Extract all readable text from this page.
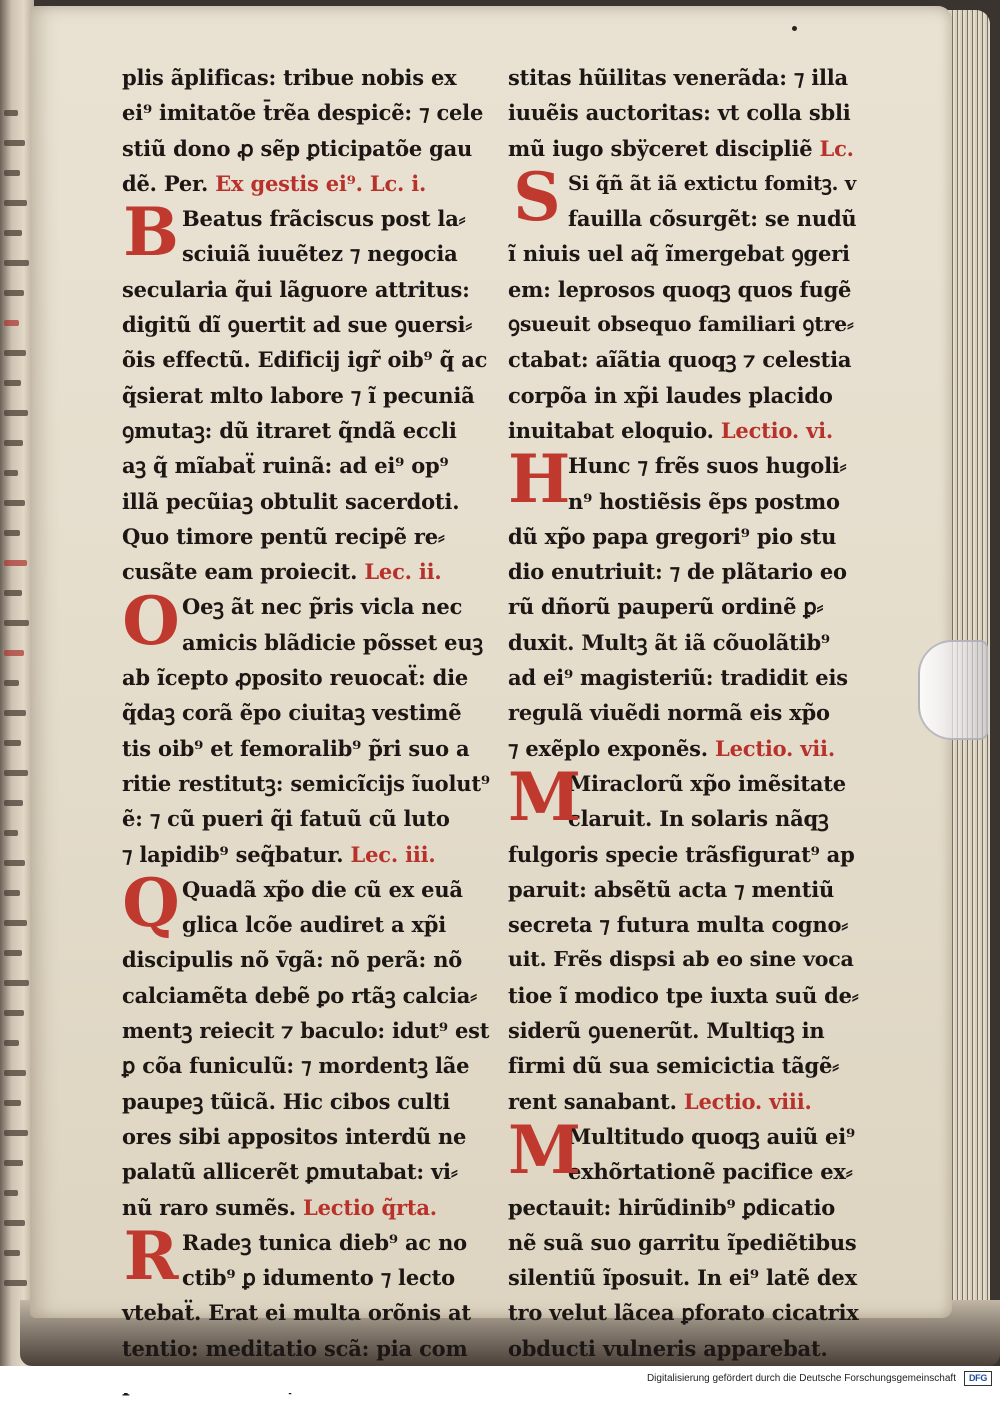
plis ãplificas: tribue nobis ex
ei⁹ imitatõe t̄rẽa despicẽ: ⁊ cele
stiũ dono ꝓ sẽp ꝑticipatõe gau
dẽ. Per. Ex gestis ei⁹. Lc. i.
B Beatus frãciscus post la⸗
sciuiã iuuẽtez ⁊ negocia
secularia q̃ui lãguore attritus:
digitũ dĩ ꝯuertit ad sue ꝯuersi⸗
õis effectũ. Edificij igr̃ oib⁹ q̃ ac
q̃sierat mlto labore ⁊ ĩ pecuniã
ꝯmutaꝫ: dũ itraret q̃ndã eccli
aꝫ q̃ mĩabaẗ ruinã: ad ei⁹ op⁹
illã pecũiaꝫ obtulit sacerdoti.
Quo timore pentũ recipẽ re⸗
cusãte eam proiecit. Lec. ii.
O Oeꝫ ãt nec p̃ris vicla nec
amicis blãdicie põsset euꝫ
ab ĩcepto ꝓposito reuocaẗ: die
q̃daꝫ corã ẽpo ciuitaꝫ vestimẽ
tis oib⁹ et femoralib⁹ p̃ri suo a
ritie restitutꝫ: semicĩcijs ĩuolut⁹
ẽ: ⁊ cũ pueri q̃i fatuũ cũ luto
⁊ lapidib⁹ seq̃batur. Lec. iii.
Q Quadã xp̃o die cũ ex euã
glica lcõe audiret a xp̃i
discipulis nõ v̄gã: nõ perã: nõ
calciamẽta debẽ ꝑo rtãꝫ calcia⸗
mentꝫ reiecit ⁊ baculo: idut⁹ est
ꝑ cõa funiculũ: ⁊ mordentꝫ lãe
paupeꝫ tũicã. Hic cibos culti
ores sibi appositos interdũ ne
palatũ allicerẽt ꝑmutabat: vi⸗
nũ raro sumẽs. Lectio q̃rta.
R Radeꝫ tunica dieb⁹ ac no
ctib⁹ ꝑ idumento ⁊ lecto
vtebaẗ. Erat ei multa orõnis at
tentio: meditatio scã: pia com
stitas hũilitas venerãda: ⁊ illa
iuuẽis auctoritas: vt colla sbli
mũ iugo sbÿceret discipliẽ Lc.
S Si q̃ñ ãt iã extictu fomitꝫ. v
fauilla cõsurgẽt: se nudũ
ĩ niuis uel aq̃ ĩmergebat ꝯgeri
em: leprosos quoqꝫ quos fugẽ
ꝯsueuit obsequo familiari ꝯtre⸗
ctabat: aĩãtia quoqꝫ ⁊ celestia
corpõa in xp̃i laudes placido
inuitabat eloquio. Lectio. vi.
H
Hunc ⁊ frẽs suos hugoli⸗
n⁹ hostiẽsis ẽps postmo
dũ xp̃o papa gregori⁹ pio stu
dio enutriuit: ⁊ de plãtario eo
rũ dñorũ pauperũ ordinẽ ꝑ⸗
duxit. Multꝫ ãt iã cõuolãtib⁹
ad ei⁹ magisteriũ: tradidit eis
regulã viuẽdi normã eis xp̃o
⁊ exẽplo exponẽs. Lectio. vii.
M
Miraclorũ xp̃o imẽsitate
claruit. In solaris nãqꝫ
fulgoris specie trãsfigurat⁹ ap
paruit: absẽtũ acta ⁊ mentiũ
secreta ⁊ futura multa cogno⸗
uit. Frẽs dispsi ab eo sine voca
tioe ĩ modico tpe iuxta suũ de⸗
siderũ ꝯuenerũt. Multiqꝫ in
firmi dũ sua semicictia tãgẽ⸗
rent sanabant. Lectio. viii.
M
Multitudo quoqꝫ auiũ ei⁹
exhõrtationẽ pacifice ex⸗
pectauit: hirũdinib⁹ ꝑdicatio
nẽ suã suo garritu ĩpediẽtibus
silentiũ ĩposuit. In ei⁹ latẽ dex
tro velut lãcea ꝑforato cicatrix
obducti vulneris apparebat.
Digitalisierung gefördert durch die Deutsche Forschungsgemeinschaft	DFG
